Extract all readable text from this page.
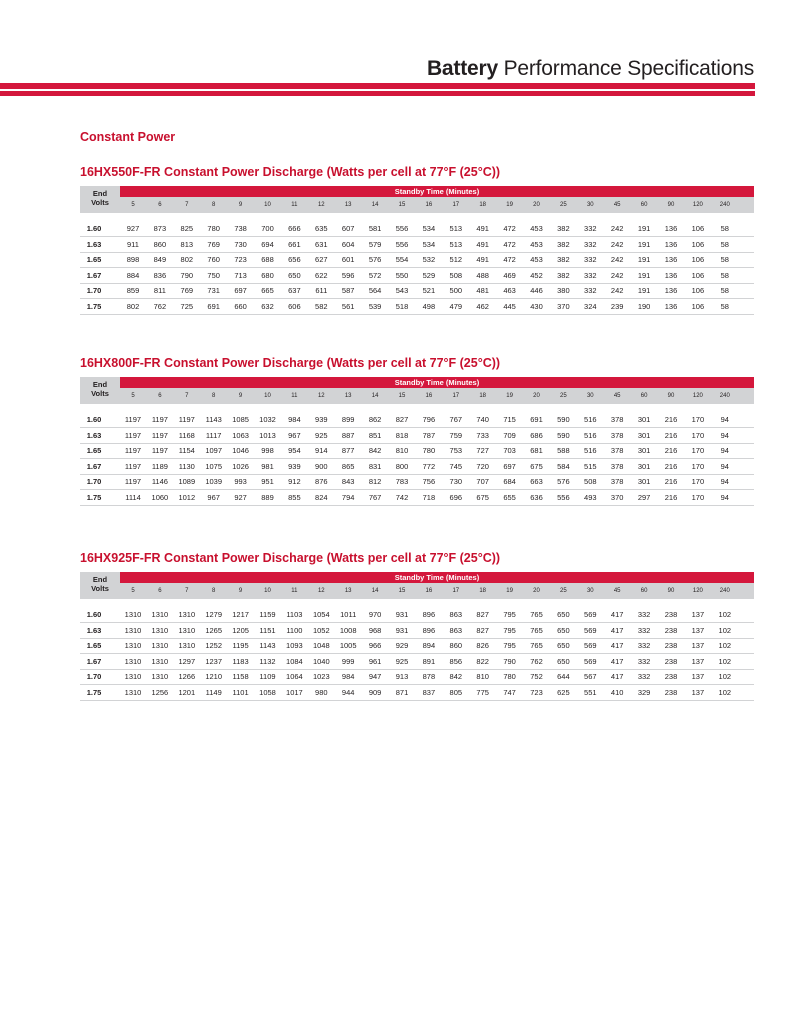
Battery Performance Specifications
Constant Power
16HX550F-FR Constant Power Discharge (Watts per cell at 77°F (25°C))
End
Volts
Standby Time (Minutes)
5	6	7	8	9	10	11	12	13	14	15	16	17	18	19	20	25	30	45	60	90	120	240
1.60	927	873	825	780	738	700	666	635	607	581	556	534	513	491	472	453	382	332	242	191	136	106	58
1.63	911	860	813	769	730	694	661	631	604	579	556	534	513	491	472	453	382	332	242	191	136	106	58
1.65	898	849	802	760	723	688	656	627	601	576	554	532	512	491	472	453	382	332	242	191	136	106	58
1.67	884	836	790	750	713	680	650	622	596	572	550	529	508	488	469	452	382	332	242	191	136	106	58
1.70	859	811	769	731	697	665	637	611	587	564	543	521	500	481	463	446	380	332	242	191	136	106	58
1.75	802	762	725	691	660	632	606	582	561	539	518	498	479	462	445	430	370	324	239	190	136	106	58
16HX800F-FR Constant Power Discharge (Watts per cell at 77°F (25°C))
End
Volts
Standby Time (Minutes)
5	6	7	8	9	10	11	12	13	14	15	16	17	18	19	20	25	30	45	60	90	120	240
1.60	1197	1197	1197	1143	1085	1032	984	939	899	862	827	796	767	740	715	691	590	516	378	301	216	170	94
1.63	1197	1197	1168	1117	1063	1013	967	925	887	851	818	787	759	733	709	686	590	516	378	301	216	170	94
1.65	1197	1197	1154	1097	1046	998	954	914	877	842	810	780	753	727	703	681	588	516	378	301	216	170	94
1.67	1197	1189	1130	1075	1026	981	939	900	865	831	800	772	745	720	697	675	584	515	378	301	216	170	94
1.70	1197	1146	1089	1039	993	951	912	876	843	812	783	756	730	707	684	663	576	508	378	301	216	170	94
1.75	1114	1060	1012	967	927	889	855	824	794	767	742	718	696	675	655	636	556	493	370	297	216	170	94
16HX925F-FR Constant Power Discharge (Watts per cell at 77°F (25°C))
End
Volts
Standby Time (Minutes)
5	6	7	8	9	10	11	12	13	14	15	16	17	18	19	20	25	30	45	60	90	120	240
1.60	1310	1310	1310	1279	1217	1159	1103	1054	1011	970	931	896	863	827	795	765	650	569	417	332	238	137	102
1.63	1310	1310	1310	1265	1205	1151	1100	1052	1008	968	931	896	863	827	795	765	650	569	417	332	238	137	102
1.65	1310	1310	1310	1252	1195	1143	1093	1048	1005	966	929	894	860	826	795	765	650	569	417	332	238	137	102
1.67	1310	1310	1297	1237	1183	1132	1084	1040	999	961	925	891	856	822	790	762	650	569	417	332	238	137	102
1.70	1310	1310	1266	1210	1158	1109	1064	1023	984	947	913	878	842	810	780	752	644	567	417	332	238	137	102
1.75	1310	1256	1201	1149	1101	1058	1017	980	944	909	871	837	805	775	747	723	625	551	410	329	238	137	102
